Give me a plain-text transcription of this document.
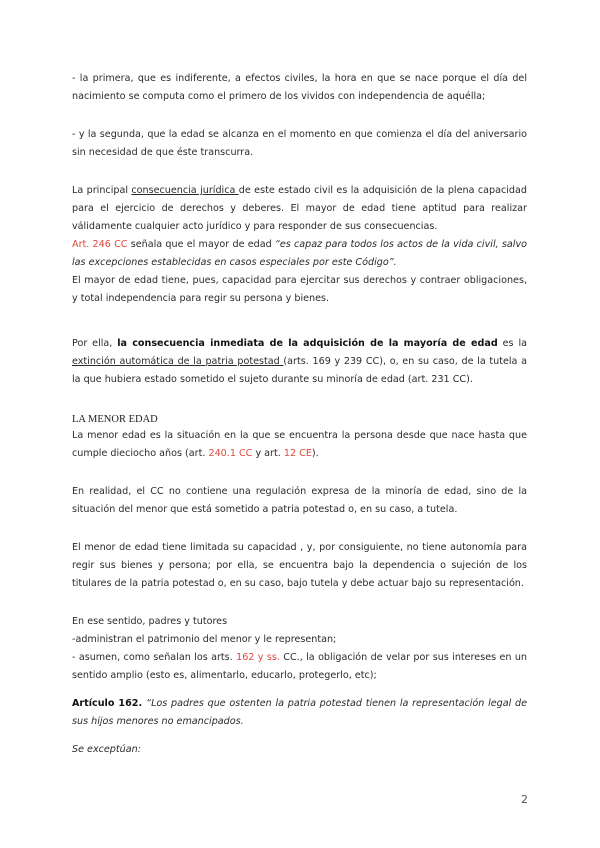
- la primera, que es indiferente, a efectos civiles, la hora en que se nace porque el día del nacimiento se computa como el primero de los vividos con independencia de aquélla;

- y la segunda, que la edad se alcanza en el momento en que comienza el día del aniversario sin necesidad de que éste transcurra.

La principal consecuencia jurídica de este estado civil es la adquisición de la plena capacidad para el ejercicio de derechos y deberes. El mayor de edad tiene aptitud para realizar válidamente cualquier acto jurídico y para responder de sus consecuencias.

Art. 246 CC señala que el mayor de edad “es capaz para todos los actos de la vida civil, salvo las excepciones establecidas en casos especiales por este Código”.

El mayor de edad tiene, pues, capacidad para ejercitar sus derechos y contraer obligaciones, y total independencia para regir su persona y bienes.

Por ella, la consecuencia inmediata de la adquisición de la mayoría de edad es la extinción automática de la patria potestad (arts. 169 y 239 CC), o, en su caso, de la tutela a la que hubiera estado sometido el sujeto durante su minoría de edad (art. 231 CC).

LA MENOR EDAD

La menor edad es la situación en la que se encuentra la persona desde que nace hasta que cumple dieciocho años (art. 240.1 CC y art. 12 CE).

En realidad, el CC no contiene una regulación expresa de la minoría de edad, sino de la situación del menor que está sometido a patria potestad o, en su caso, a tutela.

El menor de edad tiene limitada su capacidad , y, por consiguiente, no tiene autonomía para regir sus bienes y persona; por ella, se encuentra bajo la dependencia o sujeción de los titulares de la patria potestad o, en su caso, bajo tutela y debe actuar bajo su representación.

En ese sentido, padres y tutores

-administran el patrimonio del menor y le representan;

- asumen, como señalan los arts. 162 y ss. CC., la obligación de velar por sus intereses en un sentido amplio (esto es, alimentarlo, educarlo, protegerlo, etc);

Artículo 162. “Los padres que ostenten la patria potestad tienen la representación legal de sus hijos menores no emancipados.

Se exceptúan:

2
